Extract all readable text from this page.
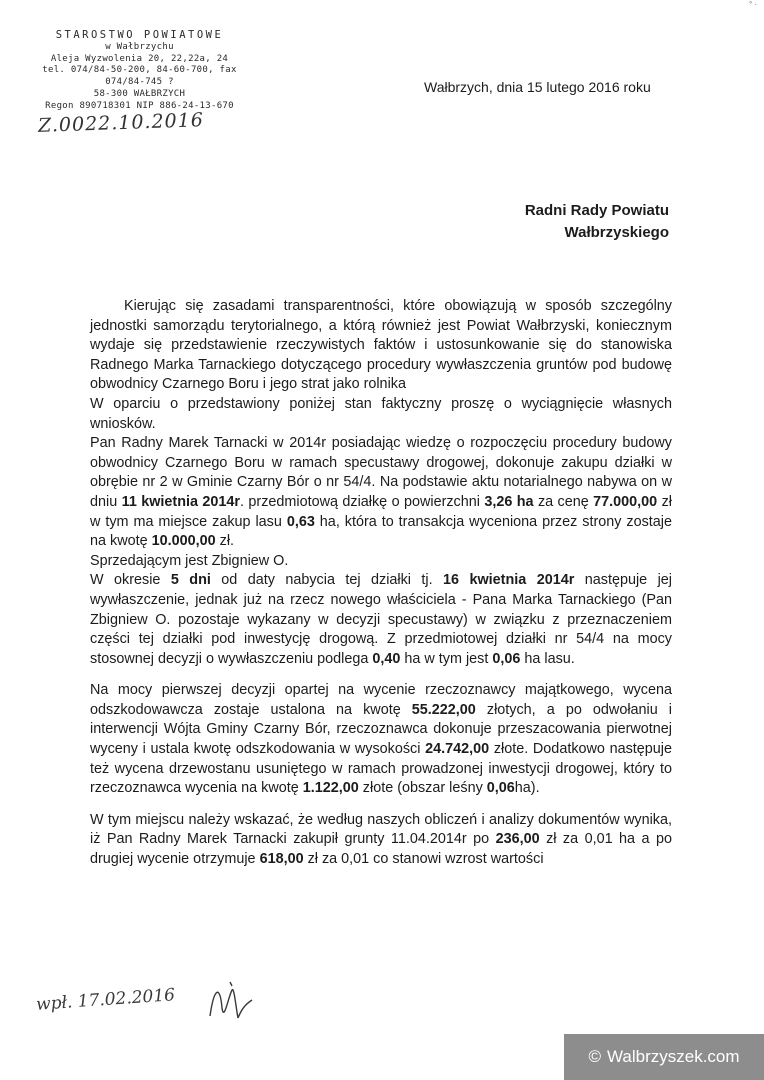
° ·
STAROSTWO POWIATOWE
w Wałbrzychu
Aleja Wyzwolenia 20, 22,22a, 24
tel. 074/84-50-200, 84-60-700, fax 074/84-745 ?
58-300 WAŁBRZYCH
Regon 890718301 NIP 886-24-13-670
Z.0022.10.2016
Wałbrzych, dnia 15 lutego 2016 roku
Radni Rady Powiatu
Wałbrzyskiego

Kierując się zasadami transparentności, które obowiązują w sposób szczególny jednostki samorządu terytorialnego, a którą również jest Powiat Wałbrzyski, koniecznym wydaje się przedstawienie rzeczywistych faktów i ustosunkowanie się do stanowiska Radnego Marka Tarnackiego dotyczącego procedury wywłaszczenia gruntów pod budowę obwodnicy Czarnego Boru i jego strat jako rolnika

W oparciu o przedstawiony poniżej stan faktyczny proszę o wyciągnięcie własnych wniosków.

Pan Radny Marek Tarnacki w 2014r posiadając wiedzę o rozpoczęciu procedury budowy obwodnicy Czarnego Boru w ramach specustawy drogowej, dokonuje zakupu działki w obrębie nr 2 w Gminie Czarny Bór o nr 54/4. Na podstawie aktu notarialnego nabywa on w dniu 11 kwietnia 2014r. przedmiotową działkę o powierzchni 3,26 ha za cenę 77.000,00 zł w tym ma miejsce zakup lasu 0,63 ha, która to transakcja wyceniona przez strony zostaje na kwotę 10.000,00 zł.

Sprzedającym jest Zbigniew O.

W okresie 5 dni od daty nabycia tej działki tj. 16 kwietnia 2014r następuje jej wywłaszczenie, jednak już na rzecz nowego właściciela - Pana Marka Tarnackiego (Pan Zbigniew O. pozostaje wykazany w decyzji specustawy) w związku z przeznaczeniem części tej działki pod inwestycję drogową. Z przedmiotowej działki nr 54/4 na mocy stosownej decyzji o wywłaszczeniu podlega 0,40 ha w tym jest 0,06 ha lasu.

Na mocy pierwszej decyzji opartej na wycenie rzeczoznawcy majątkowego, wycena odszkodowawcza zostaje ustalona na kwotę 55.222,00 złotych, a po odwołaniu i interwencji Wójta Gminy Czarny Bór, rzeczoznawca dokonuje przeszacowania pierwotnej wyceny i ustala kwotę odszkodowania w wysokości 24.742,00 złote. Dodatkowo następuje też wycena drzewostanu usuniętego w ramach prowadzonej inwestycji drogowej, który to rzeczoznawca wycenia na kwotę 1.122,00 złote (obszar leśny 0,06ha).

W tym miejscu należy wskazać, że według naszych obliczeń i analizy dokumentów wynika, iż Pan Radny Marek Tarnacki zakupił grunty 11.04.2014r po 236,00 zł za 0,01 ha a po drugiej wycenie otrzymuje 618,00 zł za 0,01 co stanowi wzrost wartości

wpł. 17.02.2016
© Walbrzyszek.com
